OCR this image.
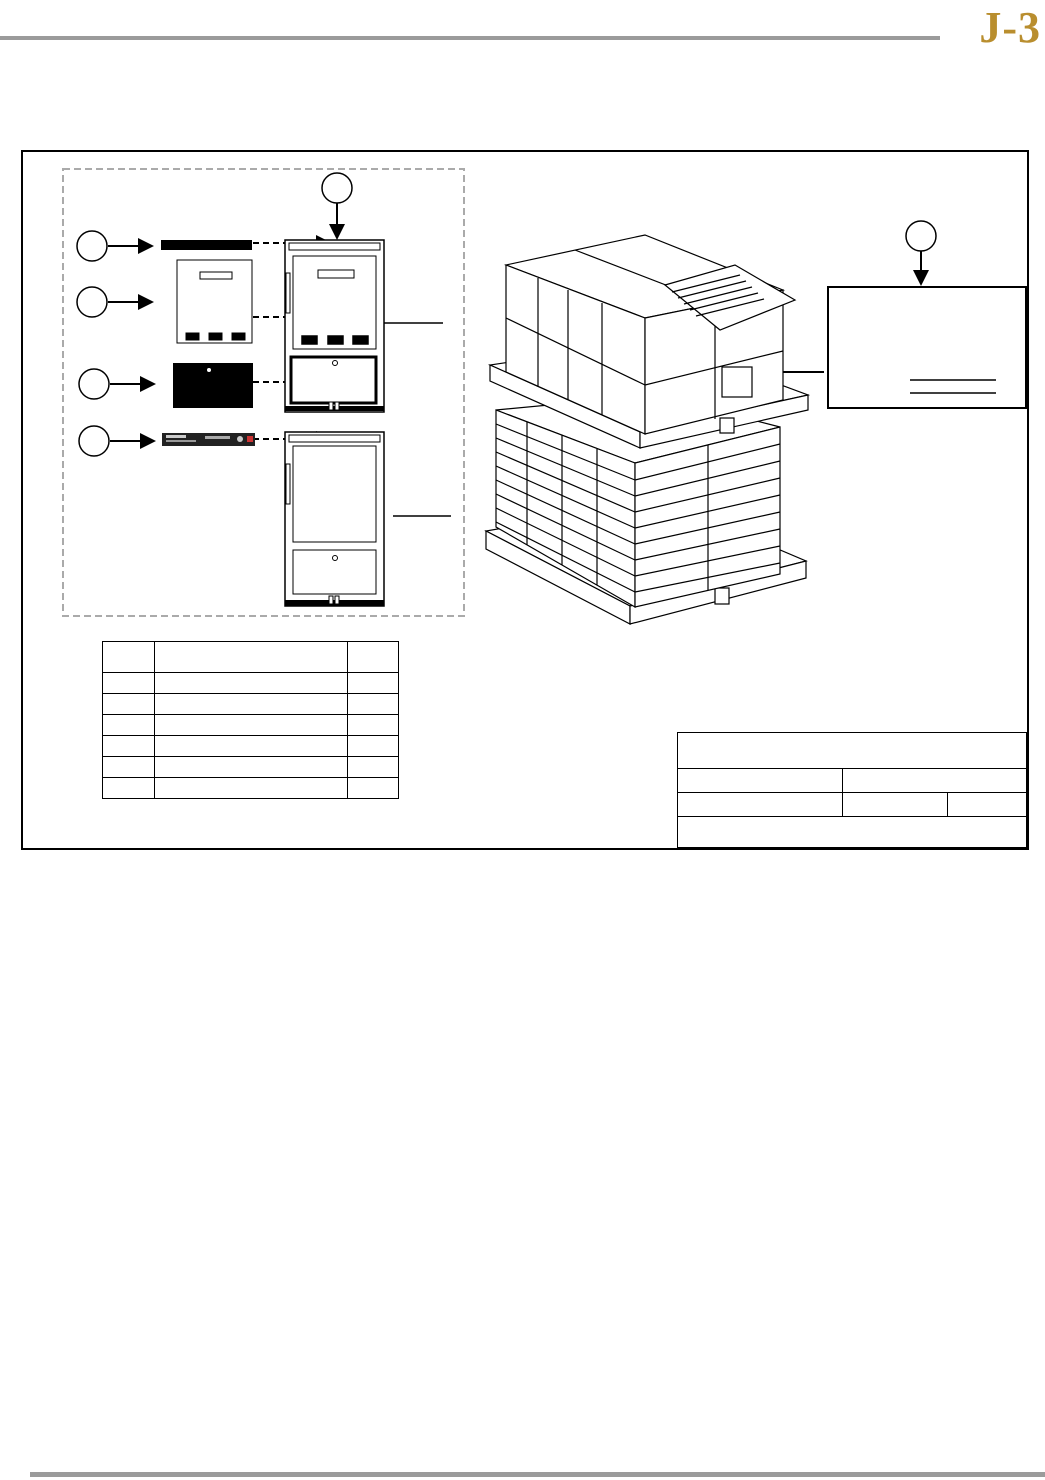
J-3
